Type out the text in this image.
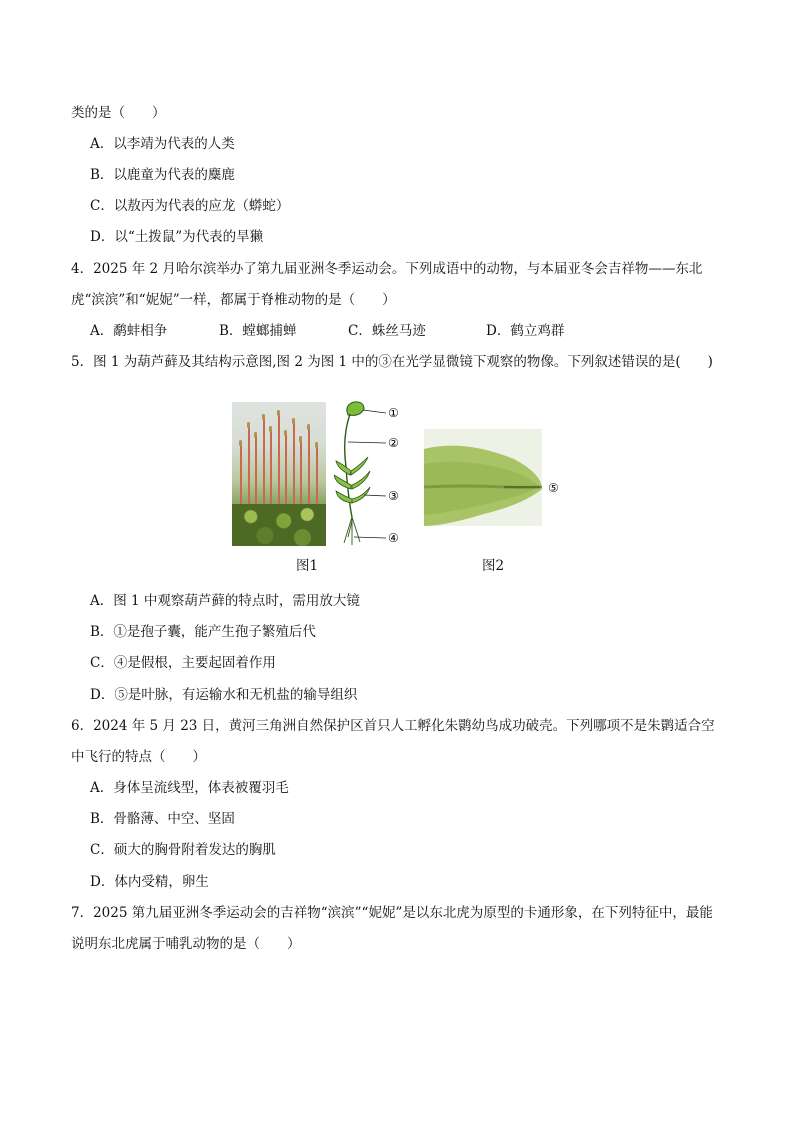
类的是（　　）
A．以李靖为代表的人类
B．以鹿童为代表的麋鹿
C．以敖丙为代表的应龙（蟒蛇）
D．以“土拨鼠”为代表的旱獭
4．2025 年 2 月哈尔滨举办了第九届亚洲冬季运动会。下列成语中的动物，与本届亚冬会吉祥物——东北
虎“滨滨”和“妮妮”一样，都属于脊椎动物的是（　　）
A．鹬蚌相争	B．螳螂捕蝉	C．蛛丝马迹	D．鹤立鸡群
5．图 1 为葫芦藓及其结构示意图,图 2 为图 1 中的③在光学显微镜下观察的物像。下列叙述错误的是(　　)
①
②
③
④
⑤
图1	图2
A．图 1 中观察葫芦藓的特点时，需用放大镜
B．①是孢子囊，能产生孢子繁殖后代
C．④是假根，主要起固着作用
D．⑤是叶脉，有运输水和无机盐的输导组织
6．2024 年 5 月 23 日，黄河三角洲自然保护区首只人工孵化朱鹮幼鸟成功破壳。下列哪项不是朱鹮适合空
中飞行的特点（　　）
A．身体呈流线型，体表被覆羽毛
B．骨骼薄、中空、坚固
C．硕大的胸骨附着发达的胸肌
D．体内受精，卵生
7．2025 第九届亚洲冬季运动会的吉祥物“滨滨”“妮妮”是以东北虎为原型的卡通形象，在下列特征中，最能
说明东北虎属于哺乳动物的是（　　）
